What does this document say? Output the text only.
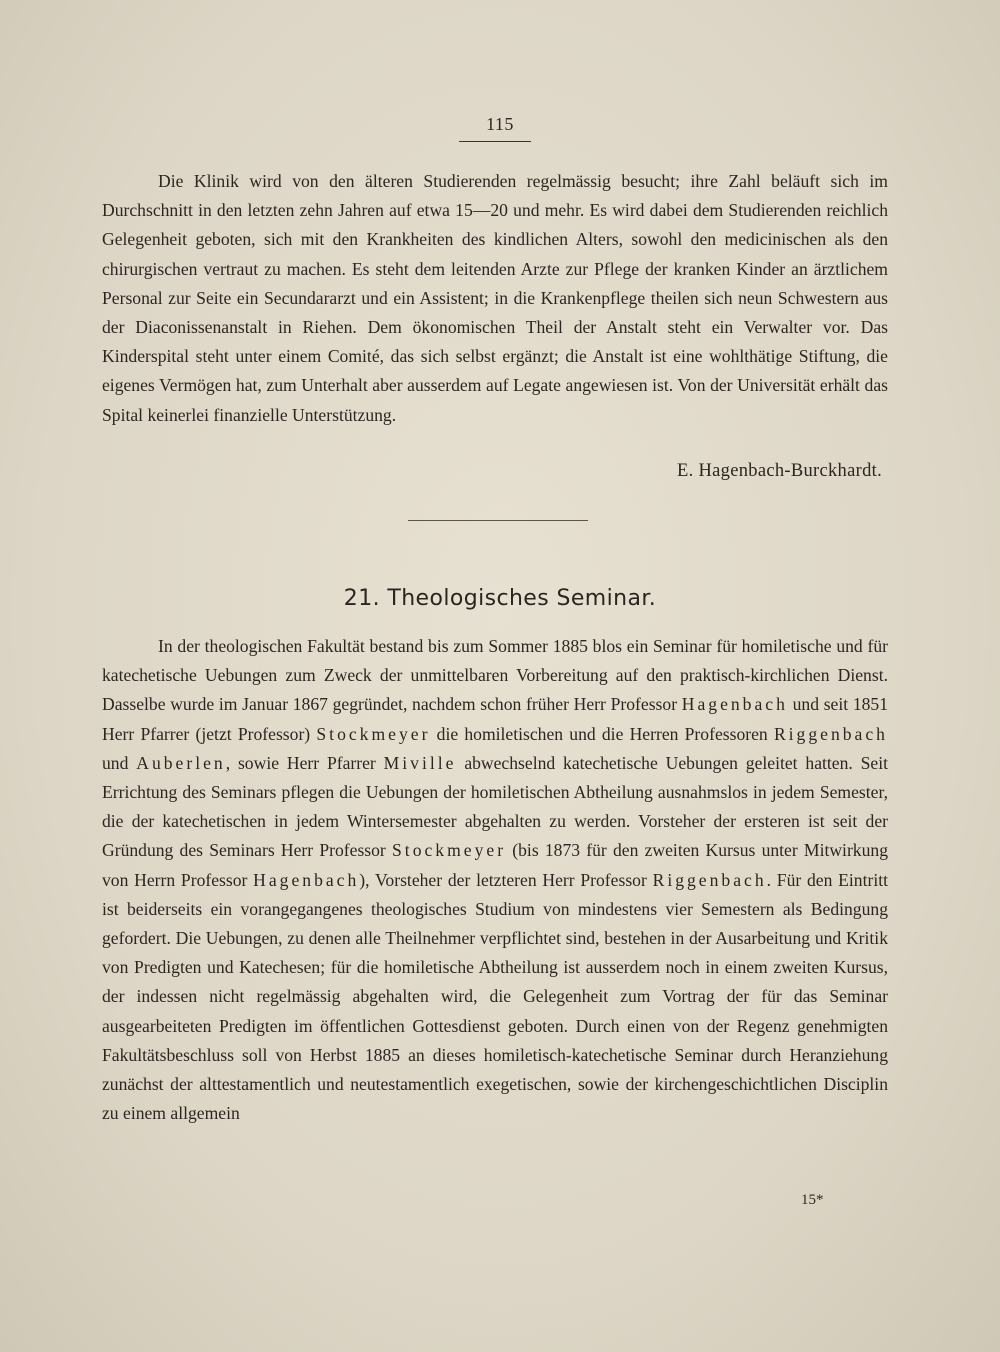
115

Die Klinik wird von den älteren Studierenden regelmässig besucht; ihre Zahl beläuft sich im Durchschnitt in den letzten zehn Jahren auf etwa 15—20 und mehr. Es wird dabei dem Studierenden reichlich Gelegenheit geboten, sich mit den Krankheiten des kindlichen Alters, sowohl den medicinischen als den chirurgischen vertraut zu machen. Es steht dem leitenden Arzte zur Pflege der kranken Kinder an ärztlichem Personal zur Seite ein Secundararzt und ein Assistent; in die Krankenpflege theilen sich neun Schwestern aus der Diaconissenanstalt in Riehen. Dem ökonomischen Theil der Anstalt steht ein Verwalter vor. Das Kinderspital steht unter einem Comité, das sich selbst ergänzt; die Anstalt ist eine wohlthätige Stiftung, die eigenes Vermögen hat, zum Unterhalt aber ausserdem auf Legate angewiesen ist. Von der Universität erhält das Spital keinerlei finanzielle Unterstützung.

E. Hagenbach-Burckhardt.
21. Theologisches Seminar.

In der theologischen Fakultät bestand bis zum Sommer 1885 blos ein Seminar für homiletische und für katechetische Uebungen zum Zweck der unmittelbaren Vorbereitung auf den praktisch-kirchlichen Dienst. Dasselbe wurde im Januar 1867 gegründet, nachdem schon früher Herr Professor Hagenbach und seit 1851 Herr Pfarrer (jetzt Professor) Stockmeyer die homiletischen und die Herren Professoren Riggenbach und Auberlen, sowie Herr Pfarrer Miville abwechselnd katechetische Uebungen geleitet hatten. Seit Errichtung des Seminars pflegen die Uebungen der homiletischen Abtheilung ausnahmslos in jedem Semester, die der katechetischen in jedem Wintersemester abgehalten zu werden. Vorsteher der ersteren ist seit der Gründung des Seminars Herr Professor Stockmeyer (bis 1873 für den zweiten Kursus unter Mitwirkung von Herrn Professor Hagenbach), Vorsteher der letzteren Herr Professor Riggenbach. Für den Eintritt ist beiderseits ein vorangegangenes theologisches Studium von mindestens vier Semestern als Bedingung gefordert. Die Uebungen, zu denen alle Theilnehmer verpflichtet sind, bestehen in der Ausarbeitung und Kritik von Predigten und Katechesen; für die homiletische Abtheilung ist ausserdem noch in einem zweiten Kursus, der indessen nicht regelmässig abgehalten wird, die Gelegenheit zum Vortrag der für das Seminar ausgearbeiteten Predigten im öffentlichen Gottesdienst geboten. Durch einen von der Regenz genehmigten Fakultätsbeschluss soll von Herbst 1885 an dieses homiletisch-katechetische Seminar durch Heranziehung zunächst der alttestamentlich und neutestamentlich exegetischen, sowie der kirchengeschichtlichen Disciplin zu einem allgemein

15*
